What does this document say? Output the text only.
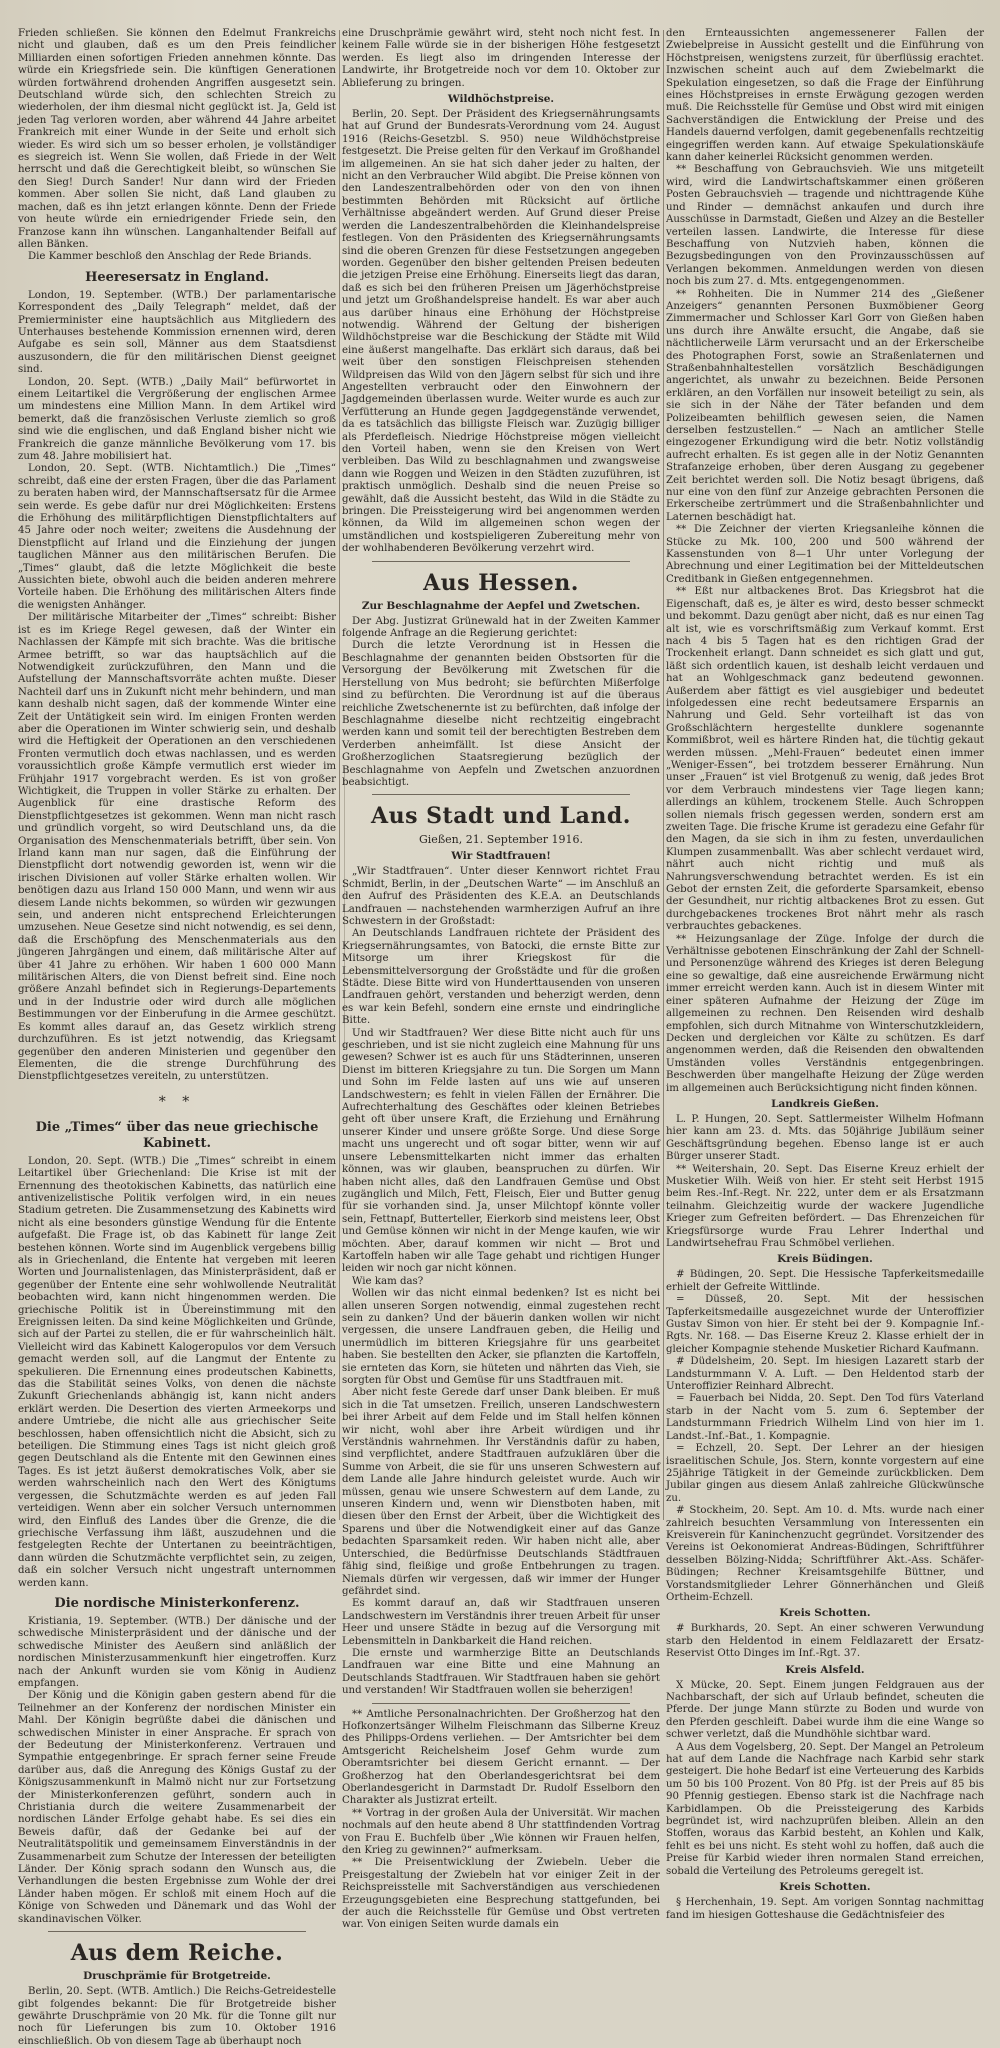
Frieden schließen. Sie können den Edelmut Frankreichs nicht und glauben, daß es um den Preis feindlicher Milliarden einen sofortigen Frieden annehmen könnte. Das würde ein Kriegsfriede sein. Die künftigen Generationen würden fortwährend drohenden Angriffen ausgesetzt sein. Deutschland würde sich, den schlechten Streich zu wiederholen, der ihm diesmal nicht geglückt ist. Ja, Geld ist jeden Tag verloren worden, aber während 44 Jahre arbeitet Frankreich mit einer Wunde in der Seite und erholt sich wieder. Es wird sich um so besser erholen, je vollständiger es siegreich ist. Wenn Sie wollen, daß Friede in der Welt herrscht und daß die Gerechtigkeit bleibt, so wünschen Sie den Sieg! Durch Sander! Nur dann wird der Frieden kommen. Aber sollen Sie nicht, daß Land glauben zu machen, daß es ihn jetzt erlangen könnte. Denn der Friede von heute würde ein erniedrigender Friede sein, den Franzose kann ihn wünschen. Langanhaltender Beifall auf allen Bänken.

Die Kammer beschloß den Anschlag der Rede Briands.

Heeresersatz in England.

London, 19. September. (WTB.) Der parlamentarische Korrespondent des „Daily Telegraph“ meldet, daß der Premierminister eine hauptsächlich aus Mitgliedern des Unterhauses bestehende Kommission ernennen wird, deren Aufgabe es sein soll, Männer aus dem Staatsdienst auszusondern, die für den militärischen Dienst geeignet sind.

London, 20. Sept. (WTB.) „Daily Mail“ befürwortet in einem Leitartikel die Vergrößerung der englischen Armee um mindestens eine Million Mann. In dem Artikel wird bemerkt, daß die französischen Verluste ziemlich so groß sind wie die englischen, und daß England bisher nicht wie Frankreich die ganze männliche Bevölkerung vom 17. bis zum 48. Jahre mobilisiert hat.

London, 20. Sept. (WTB. Nichtamtlich.) Die „Times“ schreibt, daß eine der ersten Fragen, über die das Parlament zu beraten haben wird, der Mannschaftsersatz für die Armee sein werde. Es gebe dafür nur drei Möglichkeiten: Erstens die Erhöhung des militärpflichtigen Dienstpflichtalters auf 45 Jahre oder noch weiter; zweitens die Ausdehnung der Dienstpflicht auf Irland und die Einziehung der jungen tauglichen Männer aus den militärischen Berufen. Die „Times“ glaubt, daß die letzte Möglichkeit die beste Aussichten biete, obwohl auch die beiden anderen mehrere Vorteile haben. Die Erhöhung des militärischen Alters finde die wenigsten Anhänger.

Der militärische Mitarbeiter der „Times“ schreibt: Bisher ist es im Kriege Regel gewesen, daß der Winter ein Nachlassen der Kämpfe mit sich brachte. Was die britische Armee betrifft, so war das hauptsächlich auf die Notwendigkeit zurückzuführen, den Mann und die Aufstellung der Mannschaftsvorräte achten mußte. Dieser Nachteil darf uns in Zukunft nicht mehr behindern, und man kann deshalb nicht sagen, daß der kommende Winter eine Zeit der Untätigkeit sein wird. Im einigen Fronten werden aber die Operationen im Winter schwierig sein, und deshalb wird die Heftigkeit der Operationen an den verschiedenen Fronten vermutlich doch etwas nachlassen, und es werden voraussichtlich große Kämpfe vermutlich erst wieder im Frühjahr 1917 vorgebracht werden. Es ist von großer Wichtigkeit, die Truppen in voller Stärke zu erhalten. Der Augenblick für eine drastische Reform des Dienstpflichtgesetzes ist gekommen. Wenn man nicht rasch und gründlich vorgeht, so wird Deutschland uns, da die Organisation des Menschenmaterials betrifft, über sein. Von Irland kann man nur sagen, daß die Einführung der Dienstpflicht dort notwendig geworden ist, wenn wir die irischen Divisionen auf voller Stärke erhalten wollen. Wir benötigen dazu aus Irland 150 000 Mann, und wenn wir aus diesem Lande nichts bekommen, so würden wir gezwungen sein, und anderen nicht entsprechend Erleichterungen umzusehen. Neue Gesetze sind nicht notwendig, es sei denn, daß die Erschöpfung des Menschenmaterials aus den jüngeren Jahrgängen und einem, daß militärische Alter auf über 41 Jahre zu erhöhen. Wir haben 1 600 000 Mann militärischen Alters, die von Dienst befreit sind. Eine noch größere Anzahl befindet sich in Regierungs-Departements und in der Industrie oder wird durch alle möglichen Bestimmungen vor der Einberufung in die Armee geschützt. Es kommt alles darauf an, das Gesetz wirklich streng durchzuführen. Es ist jetzt notwendig, das Kriegsamt gegenüber den anderen Ministerien und gegenüber den Elementen, die die strenge Durchführung des Dienstpflichtgesetzes vereiteln, zu unterstützen.

* *
Die „Times“ über das neue griechische Kabinett.

London, 20. Sept. (WTB.) Die „Times“ schreibt in einem Leitartikel über Griechenland: Die Krise ist mit der Ernennung des theotokischen Kabinetts, das natürlich eine antivenizelistische Politik verfolgen wird, in ein neues Stadium getreten. Die Zusammensetzung des Kabinetts wird nicht als eine besonders günstige Wendung für die Entente aufgefaßt. Die Frage ist, ob das Kabinett für lange Zeit bestehen können. Worte sind im Augenblick vergebens billig als in Griechenland, die Entente hat vergeben mit leeren Worten und Journalistenlagen, das Ministerpräsident, daß er gegenüber der Entente eine sehr wohlwollende Neutralität beobachten wird, kann nicht hingenommen werden. Die griechische Politik ist in Übereinstimmung mit den Ereignissen leiten. Da sind keine Möglichkeiten und Gründe, sich auf der Partei zu stellen, die er für wahrscheinlich hält. Vielleicht wird das Kabinett Kalogeropulos vor dem Versuch gemacht werden soll, auf die Langmut der Entente zu spekulieren. Die Ernennung eines prodeutschen Kabinetts, das die Stabilität seines Volks, von denen die nächste Zukunft Griechenlands abhängig ist, kann nicht anders erklärt werden. Die Desertion des vierten Armeekorps und andere Umtriebe, die nicht alle aus griechischer Seite beschlossen, haben offensichtlich nicht die Absicht, sich zu beteiligen. Die Stimmung eines Tags ist nicht gleich groß gegen Deutschland als die Entente mit den Gewinnen eines Tages. Es ist jetzt äußerst demokratisches Volk, aber sie werden wahrscheinlich nach den Wert des Königtums vergessen, die Schutzmächte werden es auf jeden Fall verteidigen. Wenn aber ein solcher Versuch unternommen wird, den Einfluß des Landes über die Grenze, die die griechische Verfassung ihm läßt, auszudehnen und die festgelegten Rechte der Untertanen zu beeinträchtigen, dann würden die Schutzmächte verpflichtet sein, zu zeigen, daß ein solcher Versuch nicht ungestraft unternommen werden kann.

Die nordische Ministerkonferenz.

Kristiania, 19. September. (WTB.) Der dänische und der schwedische Ministerpräsident und der dänische und der schwedische Minister des Aeußern sind anläßlich der nordischen Ministerzusammenkunft hier eingetroffen. Kurz nach der Ankunft wurden sie vom König in Audienz empfangen.

Der König und die Königin gaben gestern abend für die Teilnehmer an der Konferenz der nordischen Minister ein Mahl. Der Königin begrüßte dabei die dänischen und schwedischen Minister in einer Ansprache. Er sprach von der Bedeutung der Ministerkonferenz. Vertrauen und Sympathie entgegenbringe. Er sprach ferner seine Freude darüber aus, daß die Anregung des Königs Gustaf zu der Königszusammenkunft in Malmö nicht nur zur Fortsetzung der Ministerkonferenzen geführt, sondern auch in Christiania durch die weitere Zusammenarbeit der nordischen Länder Erfolge gehabt habe. Es sei dies ein Beweis dafür, daß der Gedanke bei auf der Neutralitätspolitik und gemeinsamem Einverständnis in der Zusammenarbeit zum Schutze der Interessen der beteiligten Länder. Der König sprach sodann den Wunsch aus, die Verhandlungen die besten Ergebnisse zum Wohle der drei Länder haben mögen. Er schloß mit einem Hoch auf die Könige von Schweden und Dänemark und das Wohl der skandinavischen Völker.

Aus dem Reiche.
Druschprämie für Brotgetreide.

Berlin, 20. Sept. (WTB. Amtlich.) Die Reichs-Getreidestelle gibt folgendes bekannt: Die für Brotgetreide bisher gewährte Druschprämie von 20 Mk. für die Tonne gilt nur noch für Lieferungen bis zum 10. Oktober 1916 einschließlich. Ob von diesem Tage ab überhaupt noch

eine Druschprämie gewährt wird, steht noch nicht fest. In keinem Falle würde sie in der bisherigen Höhe festgesetzt werden. Es liegt also im dringenden Interesse der Landwirte, ihr Brotgetreide noch vor dem 10. Oktober zur Ablieferung zu bringen.

Wildhöchstpreise.

Berlin, 20. Sept. Der Präsident des Kriegsernährungsamts hat auf Grund der Bundesrats-Verordnung vom 24. August 1916 (Reichs-Gesetzbl. S. 950) neue Wildhöchstpreise festgesetzt. Die Preise gelten für den Verkauf im Großhandel im allgemeinen. An sie hat sich daher jeder zu halten, der nicht an den Verbraucher Wild abgibt. Die Preise können von den Landeszentralbehörden oder von den von ihnen bestimmten Behörden mit Rücksicht auf örtliche Verhältnisse abgeändert werden. Auf Grund dieser Preise werden die Landeszentralbehörden die Kleinhandelspreise festlegen. Von den Präsidenten des Kriegsernährungsamts sind die oberen Grenzen für diese Festsetzungen angegeben worden. Gegenüber den bisher geltenden Preisen bedeuten die jetzigen Preise eine Erhöhung. Einerseits liegt das daran, daß es sich bei den früheren Preisen um Jägerhöchstpreise und jetzt um Großhandelspreise handelt. Es war aber auch aus darüber hinaus eine Erhöhung der Höchstpreise notwendig. Während der Geltung der bisherigen Wildhöchstpreise war die Beschickung der Städte mit Wild eine äußerst mangelhafte. Das erklärt sich daraus, daß bei weit über den sonstigen Fleischpreisen stehenden Wildpreisen das Wild von den Jägern selbst für sich und ihre Angestellten verbraucht oder den Einwohnern der Jagdgemeinden überlassen wurde. Weiter wurde es auch zur Verfütterung an Hunde gegen Jagdgegenstände verwendet, da es tatsächlich das billigste Fleisch war. Zuzügig billiger als Pferdefleisch. Niedrige Höchstpreise mögen vielleicht den Vorteil haben, wenn sie den Kreisen von Wert verbleiben. Das Wild zu beschlagnahmen und zwangsweise dann wie Roggen und Weizen in den Städten zuzuführen, ist praktisch unmöglich. Deshalb sind die neuen Preise so gewählt, daß die Aussicht besteht, das Wild in die Städte zu bringen. Die Preissteigerung wird bei angenommen werden können, da Wild im allgemeinen schon wegen der umständlichen und kostspieligeren Zubereitung mehr von der wohlhabenderen Bevölkerung verzehrt wird.

Aus Hessen.
Zur Beschlagnahme der Aepfel und Zwetschen.

Der Abg. Justizrat Grünewald hat in der Zweiten Kammer folgende Anfrage an die Regierung gerichtet:

Durch die letzte Verordnung ist in Hessen die Beschlagnahme der genannten beiden Obstsorten für die Versorgung der Bevölkerung mit Zwetschen für die Herstellung von Mus bedroht; sie befürchten Mißerfolge sind zu befürchten. Die Verordnung ist auf die überaus reichliche Zwetschenernte ist zu befürchten, daß infolge der Beschlagnahme dieselbe nicht rechtzeitig eingebracht werden kann und somit teil der berechtigten Bestreben dem Verderben anheimfällt. Ist diese Ansicht der Großherzoglichen Staatsregierung bezüglich der Beschlagnahme von Aepfeln und Zwetschen anzuordnen beabsichtigt.

Aus Stadt und Land.
Gießen, 21. September 1916.
Wir Stadtfrauen!

„Wir Stadtfrauen“. Unter dieser Kennwort richtet Frau Schmidt, Berlin, in der „Deutschen Warte“ — im Anschluß an den Aufruf des Präsidenten des K.E.A. an Deutschlands Landfrauen — nachstehenden warmherzigen Aufruf an ihre Schwestern in der Großstadt:

An Deutschlands Landfrauen richtete der Präsident des Kriegsernährungsamtes, von Batocki, die ernste Bitte zur Mitsorge um ihrer Kriegskost für die Lebensmittelversorgung der Großstädte und für die großen Städte. Diese Bitte wird von Hunderttausenden von unseren Landfrauen gehört, verstanden und beherzigt werden, denn es war kein Befehl, sondern eine ernste und eindringliche Bitte.

Und wir Stadtfrauen? Wer diese Bitte nicht auch für uns geschrieben, und ist sie nicht zugleich eine Mahnung für uns gewesen? Schwer ist es auch für uns Städterinnen, unseren Dienst im bitteren Kriegsjahre zu tun. Die Sorgen um Mann und Sohn im Felde lasten auf uns wie auf unseren Landschwestern; es fehlt in vielen Fällen der Ernährer. Die Aufrechterhaltung des Geschäftes oder kleinen Betriebes geht oft über unsere Kraft, die Erziehung und Ernährung unserer Kinder und unsere größte Sorge. Und diese Sorge macht uns ungerecht und oft sogar bitter, wenn wir auf unsere Lebensmittelkarten nicht immer das erhalten können, was wir glauben, beanspruchen zu dürfen. Wir haben nicht alles, daß den Landfrauen Gemüse und Obst zugänglich und Milch, Fett, Fleisch, Eier und Butter genug für sie vorhanden sind. Ja, unser Milchtopf könnte voller sein, Fettnapf, Butterteller, Eierkorb sind meistens leer, Obst und Gemüse können wir nicht in der Menge kaufen, wie wir möchten. Aber, darauf kommen wir nicht — Brot und Kartoffeln haben wir alle Tage gehabt und richtigen Hunger leiden wir noch gar nicht können.

Wie kam das?

Wollen wir das nicht einmal bedenken? Ist es nicht bei allen unseren Sorgen notwendig, einmal zugestehen recht sein zu danken? Und der bäuerin danken wollen wir nicht vergessen, die unsere Landfrauen geben, die Heilig und unermüdlich im bitteren Kriegsjahre für uns gearbeitet haben. Sie bestellten den Acker, sie pflanzten die Kartoffeln, sie ernteten das Korn, sie hüteten und nährten das Vieh, sie sorgten für Obst und Gemüse für uns Stadtfrauen mit.

Aber nicht feste Gerede darf unser Dank bleiben. Er muß sich in die Tat umsetzen. Freilich, unseren Landschwestern bei ihrer Arbeit auf dem Felde und im Stall helfen können wir nicht, wohl aber ihre Arbeit würdigen und ihr Verständnis wahrnehmen. Ihr Verständnis dafür zu haben, sind verpflichtet, andere Stadtfrauen aufzuklären über die Summe von Arbeit, die sie für uns unseren Schwestern auf dem Lande alle Jahre hindurch geleistet wurde. Auch wir müssen, genau wie unsere Schwestern auf dem Lande, zu unseren Kindern und, wenn wir Dienstboten haben, mit diesen über den Ernst der Arbeit, über die Wichtigkeit des Sparens und über die Notwendigkeit einer auf das Ganze bedachten Sparsamkeit reden. Wir haben nicht alle, aber Unterschied, die Bedürfnisse Deutschlands Städtfrauen fähig sind, fleißige und große Entbehrungen zu tragen. Niemals dürfen wir vergessen, daß wir immer der Hunger gefährdet sind.

Es kommt darauf an, daß wir Stadtfrauen unseren Landschwestern im Verständnis ihrer treuen Arbeit für unser Heer und unsere Städte in bezug auf die Versorgung mit Lebensmitteln in Dankbarkeit die Hand reichen.

Die ernste und warmherzige Bitte an Deutschlands Landfrauen war eine Bitte und eine Mahnung an Deutschlands Stadtfrauen. Wir Stadtfrauen haben sie gehört und verstanden! Wir Stadtfrauen wollen sie beherzigen!

** Amtliche Personalnachrichten. Der Großherzog hat den Hofkonzertsänger Wilhelm Fleischmann das Silberne Kreuz des Philipps-Ordens verliehen. — Der Amtsrichter bei dem Amtsgericht Reichelsheim Josef Gehm wurde zum Oberamtsrichter bei diesem Gericht ernannt. — Der Großherzog hat den Oberlandesgerichtsrat bei dem Oberlandesgericht in Darmstadt Dr. Rudolf Esselborn den Charakter als Justizrat erteilt.

** Vortrag in der großen Aula der Universität. Wir machen nochmals auf den heute abend 8 Uhr stattfindenden Vortrag von Frau E. Buchfelb über „Wie können wir Frauen helfen, den Krieg zu gewinnen?“ aufmerksam.

** Die Preisentwicklung der Zwiebeln. Ueber die Preisgestaltung der Zwiebeln hat vor einiger Zeit in der Reichspreisstelle mit Sachverständigen aus verschiedenen Erzeugungsgebieten eine Besprechung stattgefunden, bei der auch die Reichsstelle für Gemüse und Obst vertreten war. Von einigen Seiten wurde damals ein

den Ernteaussichten angemessenerer Fallen der Zwiebelpreise in Aussicht gestellt und die Einführung von Höchstpreisen, wenigstens zurzeit, für überflüssig erachtet. Inzwischen scheint auch auf dem Zwiebelmarkt die Spekulation eingesetzen, so daß die Frage der Einführung eines Höchstpreises in ernste Erwägung gezogen werden muß. Die Reichsstelle für Gemüse und Obst wird mit einigen Sachverständigen die Entwicklung der Preise und des Handels dauernd verfolgen, damit gegebenenfalls rechtzeitig eingegriffen werden kann. Auf etwaige Spekulationskäufe kann daher keinerlei Rücksicht genommen werden.

** Beschaffung von Gebrauchsvieh. Wie uns mitgeteilt wird, wird die Landwirtschaftskammer einen größeren Posten Gebrauchsvieh — tragende und nichttragende Kühe und Rinder — demnächst ankaufen und durch ihre Ausschüsse in Darmstadt, Gießen und Alzey an die Besteller verteilen lassen. Landwirte, die Interesse für diese Beschaffung von Nutzvieh haben, können die Bezugsbedingungen von den Provinzausschüssen auf Verlangen bekommen. Anmeldungen werden von diesen noch bis zum 27. d. Mts. entgegengenommen.

** Rohheiten. Die in Nummer 214 des „Gießener Anzeigers“ genannten Personen Buxmöbiener Georg Zimmermacher und Schlosser Karl Gorr von Gießen haben uns durch ihre Anwälte ersucht, die Angabe, daß sie nächtlicherweile Lärm verursacht und an der Erkerscheibe des Photographen Forst, sowie an Straßenlaternen und Straßenbahnhaltestellen vorsätzlich Beschädigungen angerichtet, als unwahr zu bezeichnen. Beide Personen erklären, an den Vorfällen nur insoweit beteiligt zu sein, als sie sich in der Nähe der Täter befanden und dem Polizeibeamten behilflich gewesen seien, die Namen derselben festzustellen.“ — Nach an amtlicher Stelle eingezogener Erkundigung wird die betr. Notiz vollständig aufrecht erhalten. Es ist gegen alle in der Notiz Genannten Strafanzeige erhoben, über deren Ausgang zu gegebener Zeit berichtet werden soll. Die Notiz besagt übrigens, daß nur eine von den fünf zur Anzeige gebrachten Personen die Erkerscheibe zertrümmert und die Straßenbahnlichter und Laternen beschädigt hat.

** Die Zeichner der vierten Kriegsanleihe können die Stücke zu Mk. 100, 200 und 500 während der Kassenstunden von 8—1 Uhr unter Vorlegung der Abrechnung und einer Legitimation bei der Mitteldeutschen Creditbank in Gießen entgegennehmen.

** Eßt nur altbackenes Brot. Das Kriegsbrot hat die Eigenschaft, daß es, je älter es wird, desto besser schmeckt und bekommt. Dazu genügt aber nicht, daß es nur einen Tag alt ist, wie es vorschriftsmäßig zum Verkauf kommt. Erst nach 4 bis 5 Tagen hat es den richtigen Grad der Trockenheit erlangt. Dann schneidet es sich glatt und gut, läßt sich ordentlich kauen, ist deshalb leicht verdauen und hat an Wohlgeschmack ganz bedeutend gewonnen. Außerdem aber fättigt es viel ausgiebiger und bedeutet infolgedessen eine recht bedeutsamere Ersparnis an Nahrung und Geld. Sehr vorteilhaft ist das von Großschlächtern hergestellte dunklere sogenannte Kommißbrot, weil es härtere Rinden hat, die tüchtig gekaut werden müssen. „Mehl-Frauen“ bedeutet einen immer „Weniger-Essen“, bei trotzdem besserer Ernährung. Nun unser „Frauen“ ist viel Brotgenuß zu wenig, daß jedes Brot vor dem Verbrauch mindestens vier Tage liegen kann; allerdings an kühlem, trockenem Stelle. Auch Schroppen sollen niemals frisch gegessen werden, sondern erst am zweiten Tage. Die frische Krume ist geradezu eine Gefahr für den Magen, da sie sich in ihm zu festen, unverdaulichen Klumpen zusammenballt. Was aber schlecht verdauet wird, nährt auch nicht richtig und muß als Nahrungsverschwendung betrachtet werden. Es ist ein Gebot der ernsten Zeit, die geforderte Sparsamkeit, ebenso der Gesundheit, nur richtig altbackenes Brot zu essen. Gut durchgebackenes trockenes Brot nährt mehr als rasch verbrauchtes gebackenes.

** Heizungsanlage der Züge. Infolge der durch die Verhältnisse gebotenen Einschränkung der Zahl der Schnell- und Personenzüge während des Krieges ist deren Belegung eine so gewaltige, daß eine ausreichende Erwärmung nicht immer erreicht werden kann. Auch ist in diesem Winter mit einer späteren Aufnahme der Heizung der Züge im allgemeinen zu rechnen. Den Reisenden wird deshalb empfohlen, sich durch Mitnahme von Winterschutzkleidern, Decken und dergleichen vor Kälte zu schützen. Es darf angenommen werden, daß die Reisenden den obwaltenden Umständen volles Verständnis entgegenbringen. Beschwerden über mangelhafte Heizung der Züge werden im allgemeinen auch Berücksichtigung nicht finden können.

Landkreis Gießen.

L. P. Hungen, 20. Sept. Sattlermeister Wilhelm Hofmann hier kann am 23. d. Mts. das 50jährige Jubiläum seiner Geschäftsgründung begehen. Ebenso lange ist er auch Bürger unserer Stadt.

** Weitershain, 20. Sept. Das Eiserne Kreuz erhielt der Musketier Wilh. Weiß von hier. Er steht seit Herbst 1915 beim Res.-Inf.-Regt. Nr. 222, unter dem er als Ersatzmann teilnahm. Gleichzeitig wurde der wackere Jugendliche Krieger zum Gefreiten befördert. — Das Ehrenzeichen für Kriegsfürsorge wurde Frau Lehrer Inderthal und Landwirtsehefrau Frau Schmöbel verliehen.

Kreis Büdingen.

# Büdingen, 20. Sept. Die Hessische Tapferkeitsmedaille erhielt der Gefreite Wittlinde.

= Düsseß, 20. Sept. Mit der hessischen Tapferkeitsmedaille ausgezeichnet wurde der Unteroffizier Gustav Simon von hier. Er steht bei der 9. Kompagnie Inf.-Rgts. Nr. 168. — Das Eiserne Kreuz 2. Klasse erhielt der in gleicher Kompagnie stehende Musketier Richard Kaufmann.

# Düdelsheim, 20. Sept. Im hiesigen Lazarett starb der Landsturmmann V. A. Luft. — Den Heldentod starb der Unteroffizier Reinhard Albrecht.

= Fauerbach bei Nidda, 20. Sept. Den Tod fürs Vaterland starb in der Nacht vom 5. zum 6. September der Landsturmmann Friedrich Wilhelm Lind von hier im 1. Landst.-Inf.-Bat., 1. Kompagnie.

= Echzell, 20. Sept. Der Lehrer an der hiesigen israelitischen Schule, Jos. Stern, konnte vorgestern auf eine 25jährige Tätigkeit in der Gemeinde zurückblicken. Dem Jubilar gingen aus diesem Anlaß zahlreiche Glückwünsche zu.

# Stockheim, 20. Sept. Am 10. d. Mts. wurde nach einer zahlreich besuchten Versammlung von Interessenten ein Kreisverein für Kaninchenzucht gegründet. Vorsitzender des Vereins ist Oekonomierat Andreas-Büdingen, Schriftführer desselben Bölzing-Nidda; Schriftführer Akt.-Ass. Schäfer-Büdingen; Rechner Kreisamtsgehilfe Büttner, und Vorstandsmitglieder Lehrer Gönnerhänchen und Gleiß Ortheim-Echzell.

Kreis Schotten.

# Burkhards, 20. Sept. An einer schweren Verwundung starb den Heldentod in einem Feldlazarett der Ersatz-Reservist Otto Dinges im Inf.-Rgt. 37.

Kreis Alsfeld.

X Mücke, 20. Sept. Einem jungen Feldgrauen aus der Nachbarschaft, der sich auf Urlaub befindet, scheuten die Pferde. Der junge Mann stürzte zu Boden und wurde von den Pferden geschleift. Dabei wurde ihm die eine Wange so schwer verletzt, daß die Mundhöhle sichtbar ward.

A Aus dem Vogelsberg, 20. Sept. Der Mangel an Petroleum hat auf dem Lande die Nachfrage nach Karbid sehr stark gesteigert. Die hohe Bedarf ist eine Verteuerung des Karbids um 50 bis 100 Prozent. Von 80 Pfg. ist der Preis auf 85 bis 90 Pfennig gestiegen. Ebenso stark ist die Nachfrage nach Karbidlampen. Ob die Preissteigerung des Karbids begründet ist, wird nachzuprüfen bleiben. Allein an den Stoffen, woraus das Karbid besteht, an Kohlen und Kalk, fehlt es bei uns nicht. Es steht wohl zu hoffen, daß auch die Preise für Karbid wieder ihren normalen Stand erreichen, sobald die Verteilung des Petroleums geregelt ist.

Kreis Schotten.

§ Herchenhain, 19. Sept. Am vorigen Sonntag nachmittag fand im hiesigen Gotteshause die Gedächtnisfeier des
